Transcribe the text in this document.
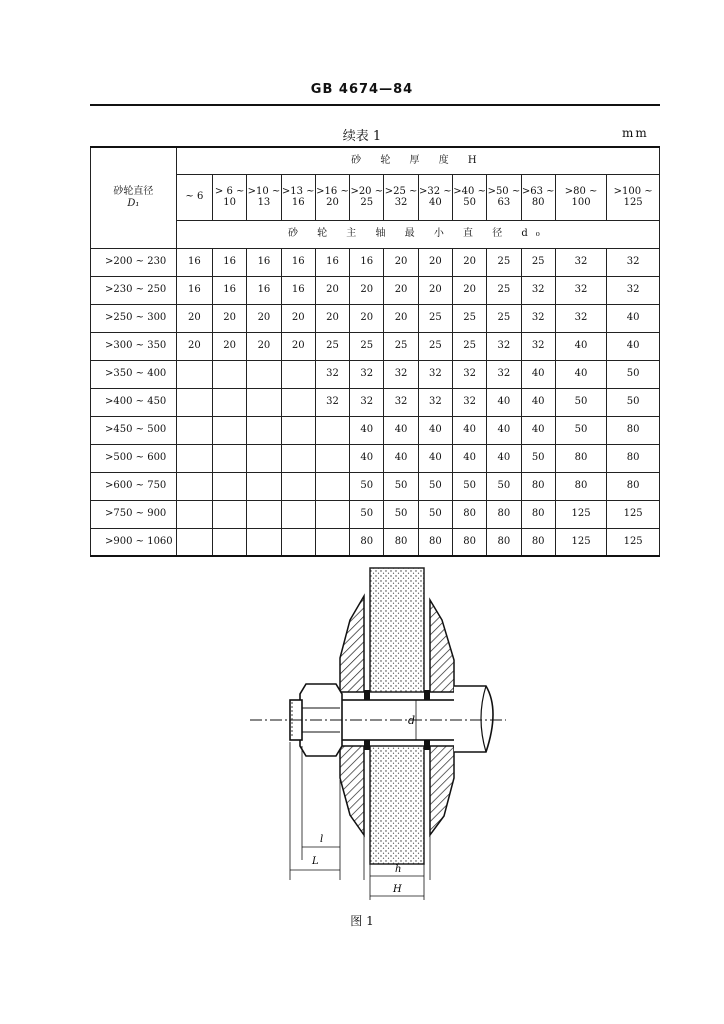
GB 4674—84
续表 1	mm
砂轮直径
D₁	砂 轮 厚 度 H												
	~ 6	> 6 ~ 10	>10 ~ 13	>13 ~ 16	>16 ~ 20	>20 ~ 25	>25 ~ 32	>32 ~ 40	>40 ~ 50	>50 ~ 63	>63 ~ 80	>80 ~ 100	>100 ~ 125
	砂 轮 主 轴 最 小 直 径 d₀												
>200 ~ 230	16	16	16	16	16	16	20	20	20	25	25	32	32
>230 ~ 250	16	16	16	16	20	20	20	20	20	25	32	32	32
>250 ~ 300	20	20	20	20	20	20	20	25	25	25	32	32	40
>300 ~ 350	20	20	20	20	25	25	25	25	25	32	32	40	40
>350 ~ 400					32	32	32	32	32	32	40	40	50
>400 ~ 450					32	32	32	32	32	40	40	50	50
>450 ~ 500						40	40	40	40	40	40	50	80
>500 ~ 600						40	40	40	40	40	50	80	80
>600 ~ 750						50	50	50	50	50	80	80	80
>750 ~ 900						50	50	50	80	80	80	125	125
>900 ~ 1060						80	80	80	80	80	80	125	125
d
l
L
h
H
图 1
